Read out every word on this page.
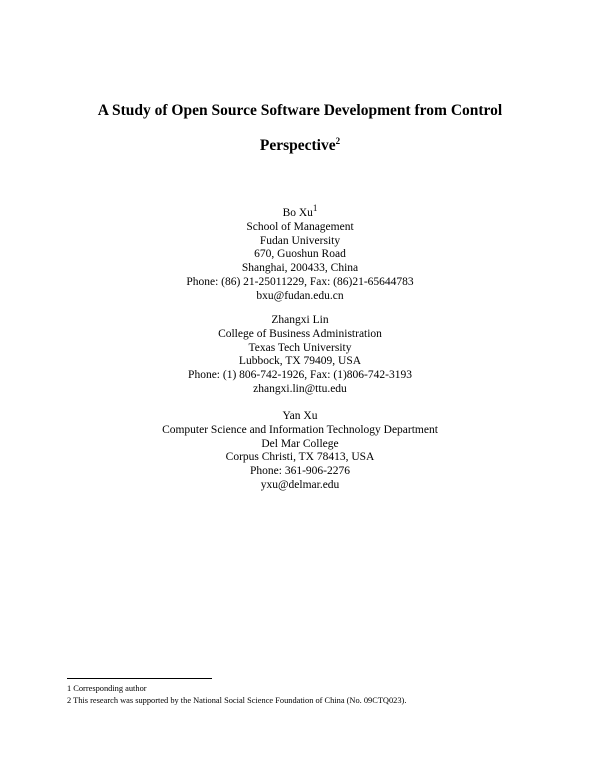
A Study of Open Source Software Development from Control
Perspective$^2$
Bo Xu$^1$
School of Management
Fudan University
670, Guoshun Road
Shanghai, 200433, China
Phone: (86) 21-25011229, Fax: (86)21-65644783
bxu@fudan.edu.cn
Zhangxi Lin
College of Business Administration
Texas Tech University
Lubbock, TX 79409, USA
Phone: (1) 806-742-1926, Fax: (1)806-742-3193
zhangxi.lin@ttu.edu
Yan Xu
Computer Science and Information Technology Department
Del Mar College
Corpus Christi, TX 78413, USA
Phone: 361-906-2276
yxu@delmar.edu
1 Corresponding author
2 This research was supported by the National Social Science Foundation of China (No. 09CTQ023).
